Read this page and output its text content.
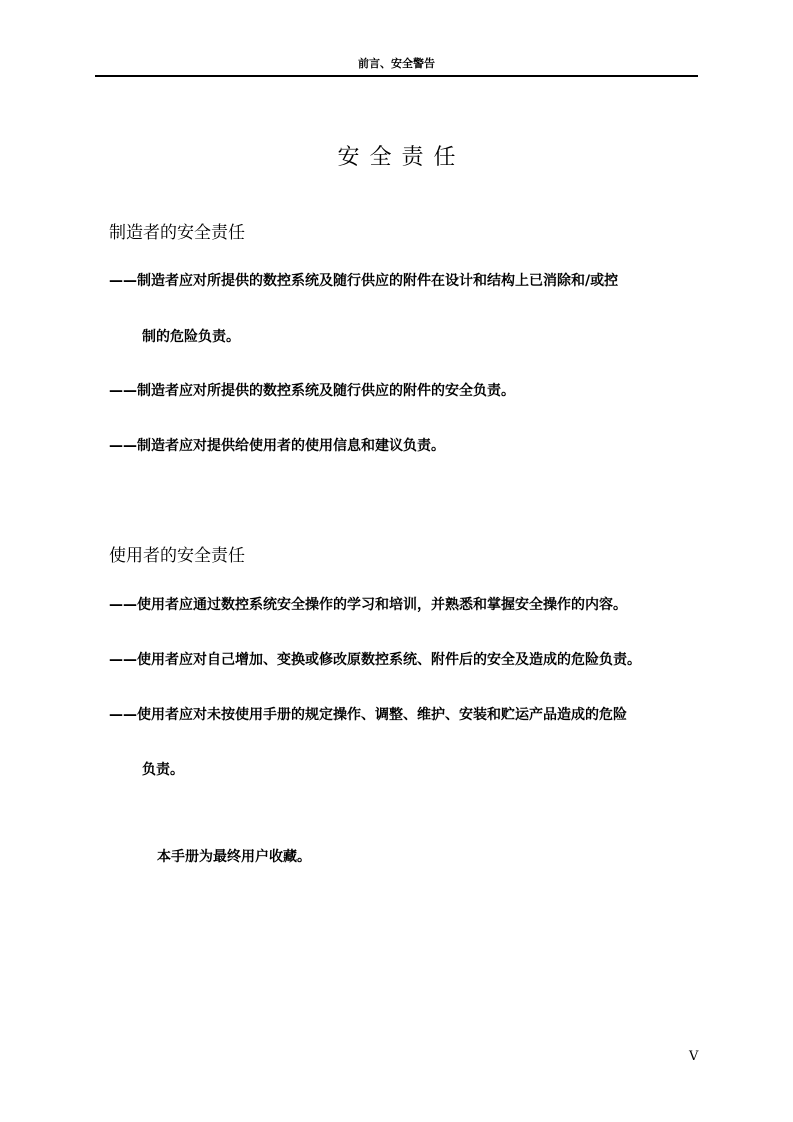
前言、安全警告
安全责任
制造者的安全责任
——制造者应对所提供的数控系统及随行供应的附件在设计和结构上已消除和/或控
制的危险负责。
——制造者应对所提供的数控系统及随行供应的附件的安全负责。
——制造者应对提供给使用者的使用信息和建议负责。
使用者的安全责任
——使用者应通过数控系统安全操作的学习和培训，并熟悉和掌握安全操作的内容。
——使用者应对自己增加、变换或修改原数控系统、附件后的安全及造成的危险负责。
——使用者应对未按使用手册的规定操作、调整、维护、安装和贮运产品造成的危险
负责。
本手册为最终用户收藏。
V
